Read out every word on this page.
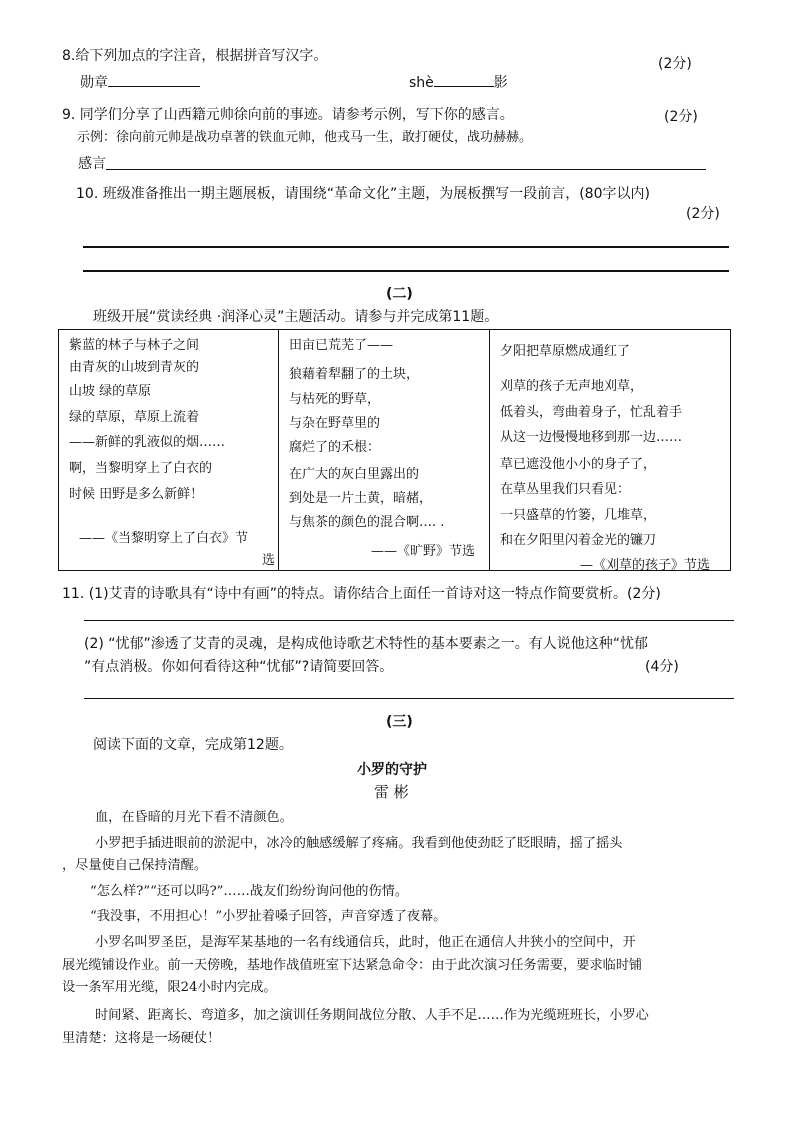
8.给下列加点的字注音，根据拼音写汉字。	(2分)
勋章	shè	影
9. 同学们分享了山西籍元帅徐向前的事迹。请参考示例，写下你的感言。	(2分)
示例：徐向前元帅是战功卓著的铁血元帅，他戎马一生，敢打硬仗，战功赫赫。
感言
10. 班级准备推出一期主题展板，请围绕“革命文化”主题，为展板撰写一段前言，(80字以内)
(2分)
(二)
班级开展“赏读经典 ·润泽心灵”主题活动。请参与并完成第11题。
紫蓝的林子与林子之间
由青灰的山坡到青灰的
山坡 绿的草原
绿的草原，草原上流着
——新鲜的乳液似的烟……
啊，当黎明穿上了白衣的
时候 田野是多么新鲜！
——《当黎明穿上了白衣》节
选

田亩已荒芜了——
狼藉着犁翻了的土块，
与枯死的野草，
与杂在野草里的
腐烂了的禾根：
在广大的灰白里露出的
到处是一片土黄，暗赭，
与焦茶的颜色的混合啊…. .
——《旷野》节选

夕阳把草原燃成通红了
刈草的孩子无声地刈草，
低着头，弯曲着身子，忙乱着手
从这一边慢慢地移到那一边……
草已遮没他小小的身子了，
在草丛里我们只看见：
一只盛草的竹篓，几堆草，
和在夕阳里闪着金光的镰刀
—《刈草的孩子》节选
11. (1)艾青的诗歌具有“诗中有画”的特点。请你结合上面任一首诗对这一特点作简要赏析。(2分)
(2) “忧郁”渗透了艾青的灵魂，是构成他诗歌艺术特性的基本要素之一。有人说他这种“忧郁
”有点消极。你如何看待这种“忧郁”?请简要回答。	(4分)
(三)
阅读下面的文章，完成第12题。
小罗的守护
雷 彬
血，在昏暗的月光下看不清颜色。
小罗把手插进眼前的淤泥中，冰冷的触感缓解了疼痛。我看到他使劲眨了眨眼睛，摇了摇头
，尽量使自己保持清醒。
“怎么样?”“还可以吗?”……战友们纷纷询问他的伤情。
“我没事，不用担心！”小罗扯着嗓子回答，声音穿透了夜幕。
小罗名叫罗圣臣，是海军某基地的一名有线通信兵，此时，他正在通信人井狭小的空间中，开
展光缆铺设作业。前一天傍晚，基地作战值班室下达紧急命令：由于此次演习任务需要，要求临时铺
设一条军用光缆，限24小时内完成。
时间紧、距离长、弯道多，加之演训任务期间战位分散、人手不足……作为光缆班班长，小罗心
里清楚：这将是一场硬仗！
